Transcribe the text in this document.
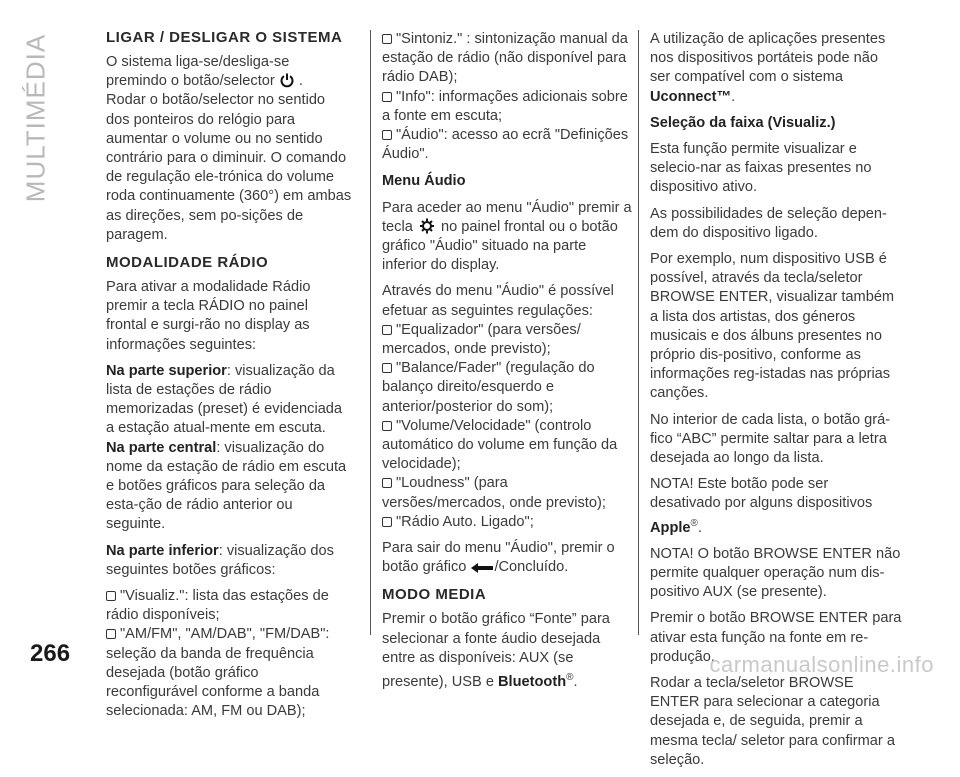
MULTIMÉDIA	LIGAR / DESLIGAR O SISTEMA

O sistema liga-se/desliga-se premindo o botão/selector .
Rodar o botão/selector no sentido dos ponteiros do relógio para aumentar o volume ou no sentido contrário para o diminuir. O comando de regulação ele-trónica do volume roda continuamente (360°) em ambas as direções, sem po-sições de paragem.

MODALIDADE RÁDIO

Para ativar a modalidade Rádio premir a tecla RÁDIO no painel frontal e surgi-rão no display as informações seguintes:

Na parte superior: visualização da lista de estações de rádio memorizadas (preset) é evidenciada a estação atual-mente em escuta.
Na parte central: visualização do nome da estação de rádio em escuta e botões gráficos para seleção da esta-ção de rádio anterior ou seguinte.

Na parte inferior: visualização dos seguintes botões gráficos:

"Visualiz.": lista das estações de rádio disponíveis;
"AM/FM", "AM/DAB", "FM/DAB": seleção da banda de frequência desejada (botão gráfico reconfigurável conforme a banda selecionada: AM, FM ou DAB);
"Sintoniz." : sintonização manual da estação de rádio (não disponível para rádio DAB);
"Info": informações adicionais sobre a fonte em escuta;
"Áudio": acesso ao ecrã "Definições Áudio".

Menu Áudio

Para aceder ao menu "Áudio" premir a tecla no painel frontal ou o botão gráfico "Áudio" situado na parte inferior do display.

Através do menu "Áudio" é possível efetuar as seguintes regulações:

"Equalizador" (para versões/ mercados, onde previsto);
"Balance/Fader" (regulação do balanço direito/esquerdo e anterior/posterior do som);
"Volume/Velocidade" (controlo automático do volume em função da velocidade);
"Loudness" (para versões/mercados, onde previsto);
"Rádio Auto. Ligado";

Para sair do menu "Áudio", premir o botão gráfico /Concluído.

MODO MEDIA

Premir o botão gráfico “Fonte” para selecionar a fonte áudio desejada entre as disponíveis: AUX (se presente), USB e Bluetooth®.

A utilização de aplicações presentes nos dispositivos portáteis pode não ser compatível com o sistema Uconnect™.

Seleção da faixa (Visualiz.)

Esta função permite visualizar e selecio-nar as faixas presentes no dispositivo ativo.

As possibilidades de seleção depen-dem do dispositivo ligado.

Por exemplo, num dispositivo USB é possível, através da tecla/seletor BROWSE ENTER, visualizar também a lista dos artistas, dos géneros musicais e dos álbuns presentes no próprio dis-positivo, conforme as informações reg-istadas nas próprias canções.

No interior de cada lista, o botão grá-fico “ABC” permite saltar para a letra desejada ao longo da lista.

NOTA! Este botão pode ser desativado por alguns dispositivos Apple®.

NOTA! O botão BROWSE ENTER não permite qualquer operação num dis-positivo AUX (se presente).

Premir o botão BROWSE ENTER para ativar esta função na fonte em re-produção.

Rodar a tecla/seletor BROWSE ENTER para selecionar a categoria desejada e, de seguida, premir a mesma tecla/ seletor para confirmar a seleção.

266	carmanualsonline.info
